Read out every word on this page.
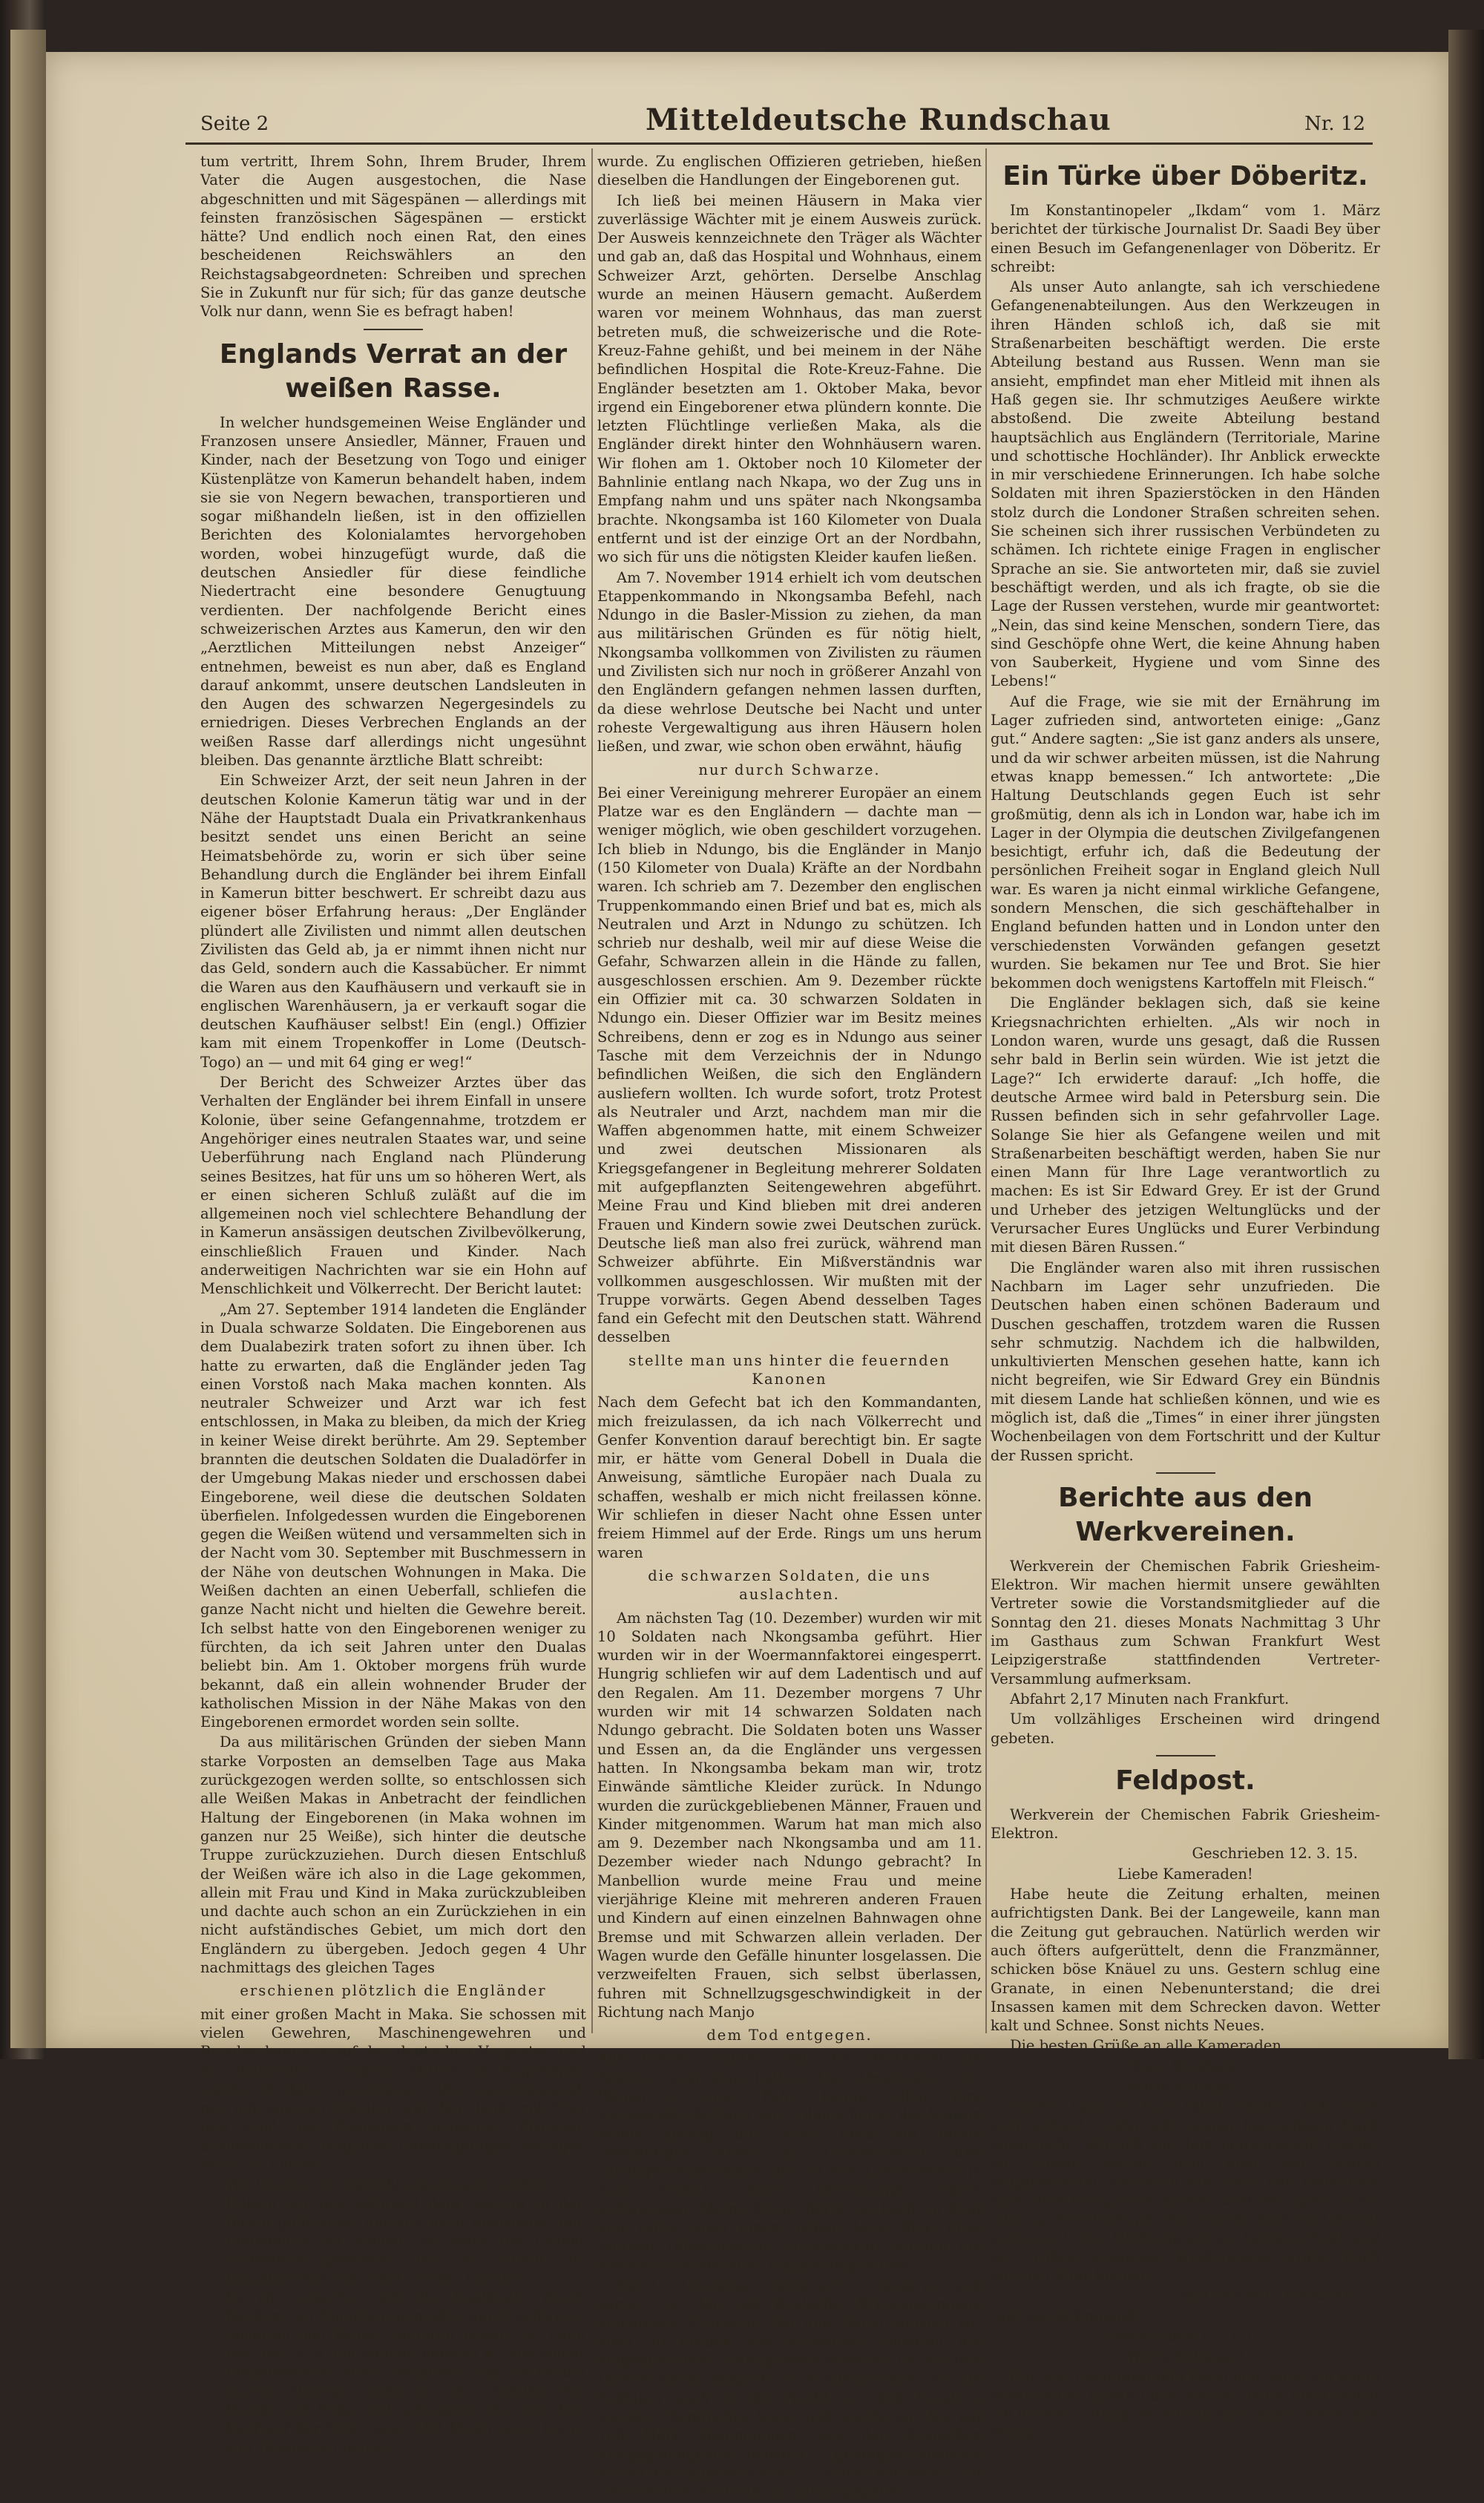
Seite 2	Mitteldeutsche Rundschau	Nr. 12

tum vertritt, Ihrem Sohn, Ihrem Bruder, Ihrem Vater die Augen ausgestochen, die Nase abgeschnitten und mit Sägespänen — allerdings mit feinsten französischen Sägespänen — erstickt hätte? Und endlich noch einen Rat, den eines bescheidenen Reichswählers an den Reichstagsabgeordneten: Schreiben und sprechen Sie in Zukunft nur für sich; für das ganze deutsche Volk nur dann, wenn Sie es befragt haben!

Englands Verrat an der weißen Rasse.

In welcher hundsgemeinen Weise Engländer und Franzosen unsere Ansiedler, Männer, Frauen und Kinder, nach der Besetzung von Togo und einiger Küstenplätze von Kamerun behandelt haben, indem sie sie von Negern bewachen, transportieren und sogar mißhandeln ließen, ist in den offiziellen Berichten des Kolonialamtes hervorgehoben worden, wobei hinzugefügt wurde, daß die deutschen Ansiedler für diese feindliche Niedertracht eine besondere Genugtuung verdienten. Der nachfolgende Bericht eines schweizerischen Arztes aus Kamerun, den wir den „Aerztlichen Mitteilungen nebst Anzeiger“ entnehmen, beweist es nun aber, daß es England darauf ankommt, unsere deutschen Landsleuten in den Augen des schwarzen Negergesindels zu erniedrigen. Dieses Verbrechen Englands an der weißen Rasse darf allerdings nicht ungesühnt bleiben. Das genannte ärztliche Blatt schreibt:

Ein Schweizer Arzt, der seit neun Jahren in der deutschen Kolonie Kamerun tätig war und in der Nähe der Hauptstadt Duala ein Privatkrankenhaus besitzt sendet uns einen Bericht an seine Heimatsbehörde zu, worin er sich über seine Behandlung durch die Engländer bei ihrem Einfall in Kamerun bitter beschwert. Er schreibt dazu aus eigener böser Erfahrung heraus: „Der Engländer plündert alle Zivilisten und nimmt allen deutschen Zivilisten das Geld ab, ja er nimmt ihnen nicht nur das Geld, sondern auch die Kassabücher. Er nimmt die Waren aus den Kaufhäusern und verkauft sie in englischen Warenhäusern, ja er verkauft sogar die deutschen Kaufhäuser selbst! Ein (engl.) Offizier kam mit einem Tropenkoffer in Lome (Deutsch-Togo) an — und mit 64 ging er weg!“

Der Bericht des Schweizer Arztes über das Verhalten der Engländer bei ihrem Einfall in unsere Kolonie, über seine Gefangennahme, trotzdem er Angehöriger eines neutralen Staates war, und seine Ueberführung nach England nach Plünderung seines Besitzes, hat für uns um so höheren Wert, als er einen sicheren Schluß zuläßt auf die im allgemeinen noch viel schlechtere Behandlung der in Kamerun ansässigen deutschen Zivilbevölkerung, einschließlich Frauen und Kinder. Nach anderweitigen Nachrichten war sie ein Hohn auf Menschlichkeit und Völkerrecht. Der Bericht lautet:

„Am 27. September 1914 landeten die Engländer in Duala schwarze Soldaten. Die Eingeborenen aus dem Dualabezirk traten sofort zu ihnen über. Ich hatte zu erwarten, daß die Engländer jeden Tag einen Vorstoß nach Maka machen konnten. Als neutraler Schweizer und Arzt war ich fest entschlossen, in Maka zu bleiben, da mich der Krieg in keiner Weise direkt berührte. Am 29. September brannten die deutschen Soldaten die Dualadörfer in der Umgebung Makas nieder und erschossen dabei Eingeborene, weil diese die deutschen Soldaten überfielen. Infolgedessen wurden die Eingeborenen gegen die Weißen wütend und versammelten sich in der Nacht vom 30. September mit Buschmessern in der Nähe von deutschen Wohnungen in Maka. Die Weißen dachten an einen Ueberfall, schliefen die ganze Nacht nicht und hielten die Gewehre bereit. Ich selbst hatte von den Eingeborenen weniger zu fürchten, da ich seit Jahren unter den Dualas beliebt bin. Am 1. Oktober morgens früh wurde bekannt, daß ein allein wohnender Bruder der katholischen Mission in der Nähe Makas von den Eingeborenen ermordet worden sein sollte.

Da aus militärischen Gründen der sieben Mann starke Vorposten an demselben Tage aus Maka zurückgezogen werden sollte, so entschlossen sich alle Weißen Makas in Anbetracht der feindlichen Haltung der Eingeborenen (in Maka wohnen im ganzen nur 25 Weiße), sich hinter die deutsche Truppe zurückzuziehen. Durch diesen Entschluß der Weißen wäre ich also in die Lage gekommen, allein mit Frau und Kind in Maka zurückzubleiben und dachte auch schon an ein Zurückziehen in ein nicht aufständisches Gebiet, um mich dort den Engländern zu übergeben. Jedoch gegen 4 Uhr nachmittags des gleichen Tages

erschienen plötzlich die Engländer

mit einer großen Macht in Maka. Sie schossen mit vielen Gewehren, Maschinengewehren und Revolverkanonen auf den deutschen Vorposten und die fliehenden Zivilisten. Mitten im Kugelregen wurde ich daher gezwungen, alles zurücklassend, nur mit unseren Kleidern auf dem Leib, mit Frau und Kind den fliehenden deutschen Zivilisten anzuschließen. Folgende Ueberlegungen zwangen mich zur Flucht:

1. Wir konnten im Gefecht erschossen werden.
2. Hätten wir uns während dem Gefecht in den Busch geflüchtet, um uns nach demselben den Engländern zu stellen, so wäre die Gefahr vorhanden gewesen, daß wir durch die Eingeborenen ermordet werden konnten.
3. Es ist Tatsache, daß die Engländer durch Banden von Eingeborenen oder durch schwarze Soldaten alle Weiße abführen ließen. So steht fest, daß z. B. ein Weißer, namens K., von solchs Eingeborenen (nicht Soldaten!) total entkleidet wurde. Hierauf rissen sie ihn, banden ihm Hände und Füße und schleppten ihn, mit dem Kopf auf der Erde, etwa 100 Meter weit, bis er von Togoleuten befreit

wurde. Zu englischen Offizieren getrieben, hießen dieselben die Handlungen der Eingeborenen gut.

Ich ließ bei meinen Häusern in Maka vier zuverlässige Wächter mit je einem Ausweis zurück. Der Ausweis kennzeichnete den Träger als Wächter und gab an, daß das Hospital und Wohnhaus, einem Schweizer Arzt, gehörten. Derselbe Anschlag wurde an meinen Häusern gemacht. Außerdem waren vor meinem Wohnhaus, das man zuerst betreten muß, die schweizerische und die Rote-Kreuz-Fahne gehißt, und bei meinem in der Nähe befindlichen Hospital die Rote-Kreuz-Fahne. Die Engländer besetzten am 1. Oktober Maka, bevor irgend ein Eingeborener etwa plündern konnte. Die letzten Flüchtlinge verließen Maka, als die Engländer direkt hinter den Wohnhäusern waren. Wir flohen am 1. Oktober noch 10 Kilometer der Bahnlinie entlang nach Nkapa, wo der Zug uns in Empfang nahm und uns später nach Nkongsamba brachte. Nkongsamba ist 160 Kilometer von Duala entfernt und ist der einzige Ort an der Nordbahn, wo sich für uns die nötigsten Kleider kaufen ließen.

Am 7. November 1914 erhielt ich vom deutschen Etappenkommando in Nkongsamba Befehl, nach Ndungo in die Basler-Mission zu ziehen, da man aus militärischen Gründen es für nötig hielt, Nkongsamba vollkommen von Zivilisten zu räumen und Zivilisten sich nur noch in größerer Anzahl von den Engländern gefangen nehmen lassen durften, da diese wehrlose Deutsche bei Nacht und unter roheste Vergewaltigung aus ihren Häusern holen ließen, und zwar, wie schon oben erwähnt, häufig

nur durch Schwarze.

Bei einer Vereinigung mehrerer Europäer an einem Platze war es den Engländern — dachte man — weniger möglich, wie oben geschildert vorzugehen. Ich blieb in Ndungo, bis die Engländer in Manjo (150 Kilometer von Duala) Kräfte an der Nordbahn waren. Ich schrieb am 7. Dezember den englischen Truppenkommando einen Brief und bat es, mich als Neutralen und Arzt in Ndungo zu schützen. Ich schrieb nur deshalb, weil mir auf diese Weise die Gefahr, Schwarzen allein in die Hände zu fallen, ausgeschlossen erschien. Am 9. Dezember rückte ein Offizier mit ca. 30 schwarzen Soldaten in Ndungo ein. Dieser Offizier war im Besitz meines Schreibens, denn er zog es in Ndungo aus seiner Tasche mit dem Verzeichnis der in Ndungo befindlichen Weißen, die sich den Engländern ausliefern wollten. Ich wurde sofort, trotz Protest als Neutraler und Arzt, nachdem man mir die Waffen abgenommen hatte, mit einem Schweizer und zwei deutschen Missionaren als Kriegsgefangener in Begleitung mehrerer Soldaten mit aufgepflanzten Seitengewehren abgeführt. Meine Frau und Kind blieben mit drei anderen Frauen und Kindern sowie zwei Deutschen zurück. Deutsche ließ man also frei zurück, während man Schweizer abführte. Ein Mißverständnis war vollkommen ausgeschlossen. Wir mußten mit der Truppe vorwärts. Gegen Abend desselben Tages fand ein Gefecht mit den Deutschen statt. Während desselben

stellte man uns hinter die feuernden Kanonen

Nach dem Gefecht bat ich den Kommandanten, mich freizulassen, da ich nach Völkerrecht und Genfer Konvention darauf berechtigt bin. Er sagte mir, er hätte vom General Dobell in Duala die Anweisung, sämtliche Europäer nach Duala zu schaffen, weshalb er mich nicht freilassen könne. Wir schliefen in dieser Nacht ohne Essen unter freiem Himmel auf der Erde. Rings um uns herum waren

die schwarzen Soldaten, die uns auslachten.

Am nächsten Tag (10. Dezember) wurden wir mit 10 Soldaten nach Nkongsamba geführt. Hier wurden wir in der Woermannfaktorei eingesperrt. Hungrig schliefen wir auf dem Ladentisch und auf den Regalen. Am 11. Dezember morgens 7 Uhr wurden wir mit 14 schwarzen Soldaten nach Ndungo gebracht. Die Soldaten boten uns Wasser und Essen an, da die Engländer uns vergessen hatten. In Nkongsamba bekam man wir, trotz Einwände sämtliche Kleider zurück. In Ndungo wurden die zurückgebliebenen Männer, Frauen und Kinder mitgenommen. Warum hat man mich also am 9. Dezember nach Nkongsamba und am 11. Dezember wieder nach Ndungo gebracht? In Manbellion wurde meine Frau und meine vierjährige Kleine mit mehreren anderen Frauen und Kindern auf einen einzelnen Bahnwagen ohne Bremse und mit Schwarzen allein verladen. Der Wagen wurde den Gefälle hinunter losgelassen. Die verzweifelten Frauen, sich selbst überlassen, fuhren mit Schnellzugsgeschwindigkeit in der Richtung nach Manjo

dem Tod entgegen.

Alle Frauen wußten, daß die Deutschen die Brücken gesprengt hatten. Das Abspringen vom Wagen in voller Fahrt konnte allein ihre verzweifelte Rettung sein. Gleich hinter der Station Manjo sprang die letzte Frau mit ihrem zweijährigen Kinde ab (Schweizerin), und zufälligerweise kamen alle mit dem Leben davon, ja nicht einmal schwere Verletzungen waren aufzuweisen. Meine Kleine hatte ein Loch im Kopf und verlor etwa einen halben Liter Blut. Frau Wittwer (Missionsfrau, Schweizerin) wurden die oberen Schneidezähne eingeschlagen usw.

Am 13. Dezember trafen wir in Duala ein und kamen zu den als deutsche Kriegsgefangene gehaltenen Zivilisten. Tag und Nacht wurden wir etwa 30 Frauen von schwarzen Soldaten mit aufgepflanztem Seitengewehr bewacht. Es war den Damen kaum möglich, sich auszuziehen, da die Soldaten auch in der Nacht vor den Fenstern standen. Sämtliches bare Geld wurde mir bis auf 100 Mark abgenommen, wie den deutschen Kriegsgefangenen Zivilisten, — gefangene Soldaten hatten die Engländer nicht, — wurde mir jedoch auf verschiedene Proteste hin zurückgegeben.

Ein Türke über Döberitz.

Im Konstantinopeler „Ikdam“ vom 1. März berichtet der türkische Journalist Dr. Saadi Bey über einen Besuch im Gefangenenlager von Döberitz. Er schreibt:

Als unser Auto anlangte, sah ich verschiedene Gefangenenabteilungen. Aus den Werkzeugen in ihren Händen schloß ich, daß sie mit Straßenarbeiten beschäftigt werden. Die erste Abteilung bestand aus Russen. Wenn man sie ansieht, empfindet man eher Mitleid mit ihnen als Haß gegen sie. Ihr schmutziges Aeußere wirkte abstoßend. Die zweite Abteilung bestand hauptsächlich aus Engländern (Territoriale, Marine und schottische Hochländer). Ihr Anblick erweckte in mir verschiedene Erinnerungen. Ich habe solche Soldaten mit ihren Spazierstöcken in den Händen stolz durch die Londoner Straßen schreiten sehen. Sie scheinen sich ihrer russischen Verbündeten zu schämen. Ich richtete einige Fragen in englischer Sprache an sie. Sie antworteten mir, daß sie zuviel beschäftigt werden, und als ich fragte, ob sie die Lage der Russen verstehen, wurde mir geantwortet: „Nein, das sind keine Menschen, sondern Tiere, das sind Geschöpfe ohne Wert, die keine Ahnung haben von Sauberkeit, Hygiene und vom Sinne des Lebens!“

Auf die Frage, wie sie mit der Ernährung im Lager zufrieden sind, antworteten einige: „Ganz gut.“ Andere sagten: „Sie ist ganz anders als unsere, und da wir schwer arbeiten müssen, ist die Nahrung etwas knapp bemessen.“ Ich antwortete: „Die Haltung Deutschlands gegen Euch ist sehr großmütig, denn als ich in London war, habe ich im Lager in der Olympia die deutschen Zivilgefangenen besichtigt, erfuhr ich, daß die Bedeutung der persönlichen Freiheit sogar in England gleich Null war. Es waren ja nicht einmal wirkliche Gefangene, sondern Menschen, die sich geschäftehalber in England befunden hatten und in London unter den verschiedensten Vorwänden gefangen gesetzt wurden. Sie bekamen nur Tee und Brot. Sie hier bekommen doch wenigstens Kartoffeln mit Fleisch.“

Die Engländer beklagen sich, daß sie keine Kriegsnachrichten erhielten. „Als wir noch in London waren, wurde uns gesagt, daß die Russen sehr bald in Berlin sein würden. Wie ist jetzt die Lage?“ Ich erwiderte darauf: „Ich hoffe, die deutsche Armee wird bald in Petersburg sein. Die Russen befinden sich in sehr gefahrvoller Lage. Solange Sie hier als Gefangene weilen und mit Straßenarbeiten beschäftigt werden, haben Sie nur einen Mann für Ihre Lage verantwortlich zu machen: Es ist Sir Edward Grey. Er ist der Grund und Urheber des jetzigen Weltunglücks und der Verursacher Eures Unglücks und Eurer Verbindung mit diesen Bären Russen.“

Die Engländer waren also mit ihren russischen Nachbarn im Lager sehr unzufrieden. Die Deutschen haben einen schönen Baderaum und Duschen geschaffen, trotzdem waren die Russen sehr schmutzig. Nachdem ich die halbwilden, unkultivierten Menschen gesehen hatte, kann ich nicht begreifen, wie Sir Edward Grey ein Bündnis mit diesem Lande hat schließen können, und wie es möglich ist, daß die „Times“ in einer ihrer jüngsten Wochenbeilagen von dem Fortschritt und der Kultur der Russen spricht.

Berichte aus den Werkvereinen.

Werkverein der Chemischen Fabrik Griesheim-Elektron. Wir machen hiermit unsere gewählten Vertreter sowie die Vorstandsmitglieder auf die Sonntag den 21. dieses Monats Nachmittag 3 Uhr im Gasthaus zum Schwan Frankfurt West Leipzigerstraße stattfindenden Vertreter-Versammlung aufmerksam.

Abfahrt 2,17 Minuten nach Frankfurt.

Um vollzähliges Erscheinen wird dringend gebeten.

Feldpost.

Werkverein der Chemischen Fabrik Griesheim-Elektron.

Geschrieben 12. 3. 15.

Liebe Kameraden!

Habe heute die Zeitung erhalten, meinen aufrichtigsten Dank. Bei der Langeweile, kann man die Zeitung gut gebrauchen. Natürlich werden wir auch öfters aufgerüttelt, denn die Franzmänner, schicken böse Knäuel zu uns. Gestern schlug eine Granate, in einen Nebenunterstand; die drei Insassen kamen mit dem Schrecken davon. Wetter kalt und Schnee. Sonst nichts Neues.

Die besten Grüße an alle Kameraden

Euer Korthals.

Werte Kollegen!

Soeben habe ich Euer Paket erhalten, habe mich sehr gefreut, wofür ich meinen herzlichsten Dank ausspreche. Wie ich aus dem Jahresbericht ersehe, hat unser Verein noch eine sehr starke Mitgliederzahl, was mich sehr freut und hoffentlich nach dem Krieg noch stärker wird. Mir geht es bis jetzt noch leidlich gut. Wir werden bald ins Gefecht kommen. In der Hoffnung auf ein baldiges Ende und ein frohes gesundes Wiedersehen grüßt Euch herzlich Euer Kollege

Matrose Willi Vierwirth.

Gott strafe England!

Geschrieben 11. 3. 15.

Werte Kollegen!

Das von Euch gesandte Päckchen, habe ich heute erhalten und danke Euch bestens dafür. Auch erhielt ich unsere Zeitung. Man freut sich immer wenn man etwas
